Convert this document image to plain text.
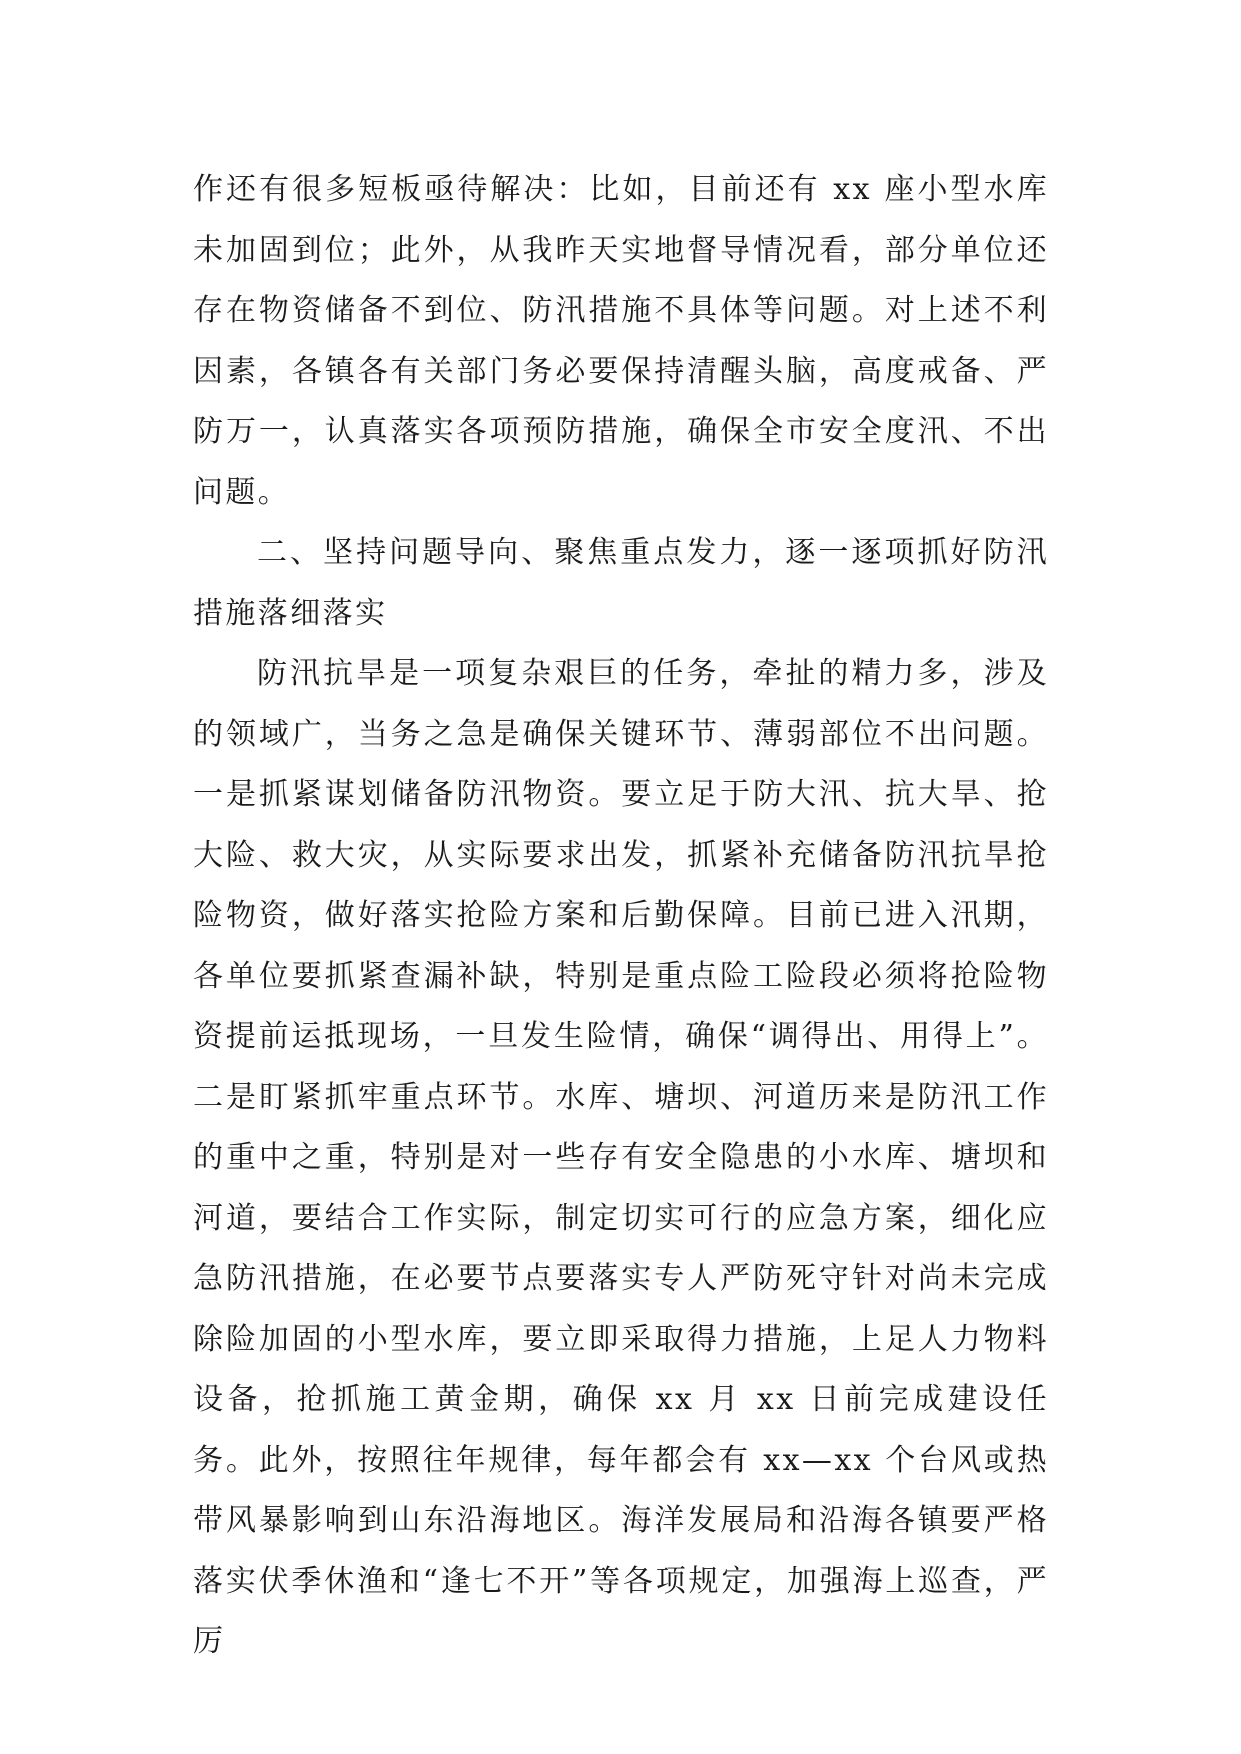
作还有很多短板亟待解决：比如，目前还有 xx 座小型水库未加固到位；此外，从我昨天实地督导情况看，部分单位还存在物资储备不到位、防汛措施不具体等问题。对上述不利因素，各镇各有关部门务必要保持清醒头脑，高度戒备、严防万一，认真落实各项预防措施，确保全市安全度汛、不出问题。

二、坚持问题导向、聚焦重点发力，逐一逐项抓好防汛措施落细落实

防汛抗旱是一项复杂艰巨的任务，牵扯的精力多，涉及的领域广，当务之急是确保关键环节、薄弱部位不出问题。一是抓紧谋划储备防汛物资。要立足于防大汛、抗大旱、抢大险、救大灾，从实际要求出发，抓紧补充储备防汛抗旱抢险物资，做好落实抢险方案和后勤保障。目前已进入汛期，各单位要抓紧查漏补缺，特别是重点险工险段必须将抢险物资提前运抵现场，一旦发生险情，确保“调得出、用得上”。二是盯紧抓牢重点环节。水库、塘坝、河道历来是防汛工作的重中之重，特别是对一些存有安全隐患的小水库、塘坝和河道，要结合工作实际，制定切实可行的应急方案，细化应急防汛措施，在必要节点要落实专人严防死守针对尚未完成除险加固的小型水库，要立即采取得力措施，上足人力物料设备，抢抓施工黄金期，确保 xx 月 xx 日前完成建设任务。此外，按照往年规律，每年都会有 xx—xx 个台风或热带风暴影响到山东沿海地区。海洋发展局和沿海各镇要严格落实伏季休渔和“逢七不开”等各项规定，加强海上巡查，严厉
